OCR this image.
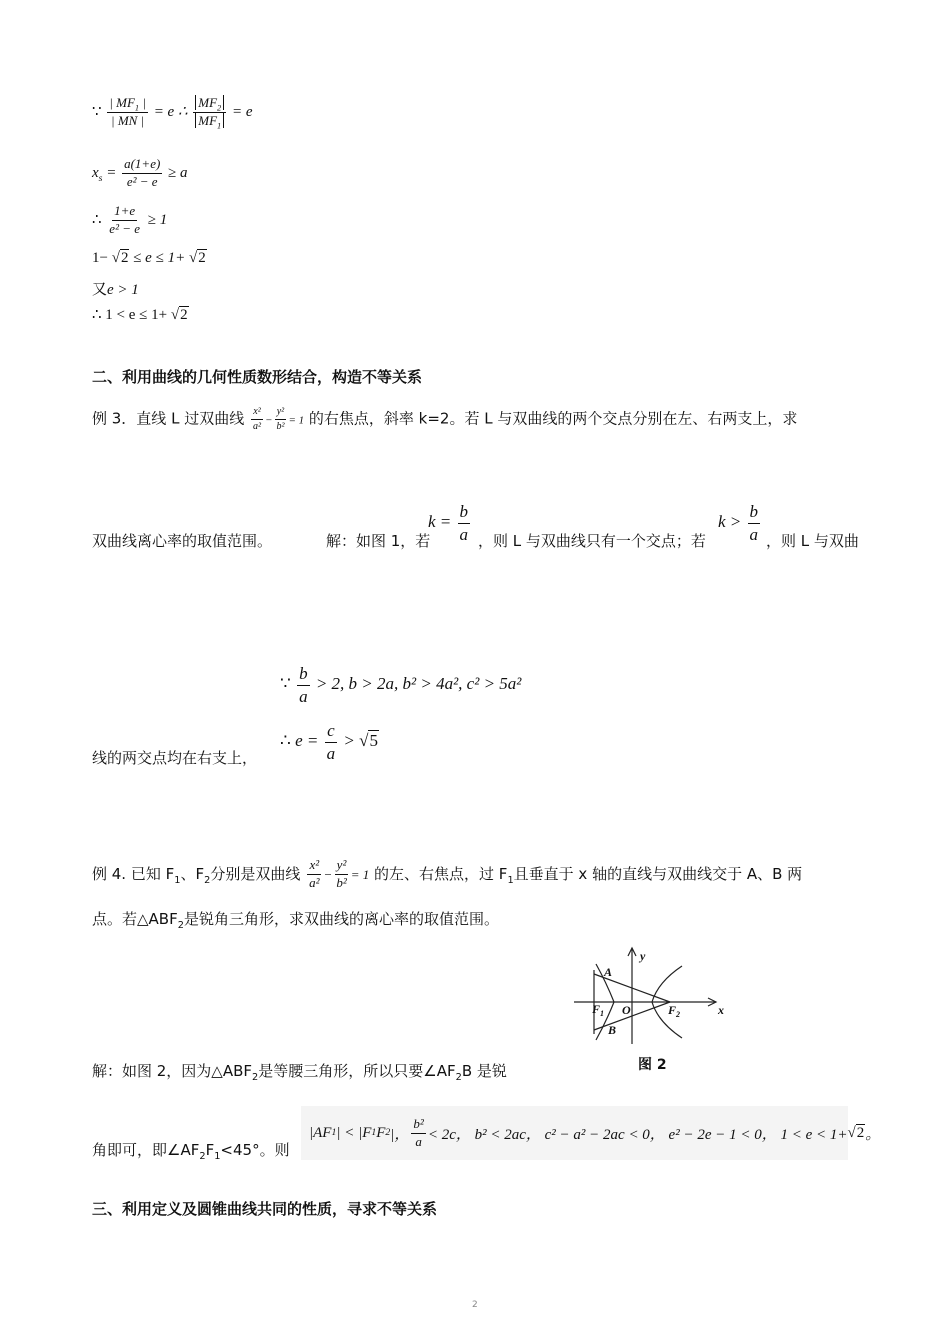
∵ $\frac{| MF_1 |}{| MN |} = e$ ∴ $\frac{MF_2}{MF_1} = e$
$x_s = \frac{a(1+e)}{\text{e² − e}} \ge a$
∴ $\frac{1+e}{\text{e² − e}} \ge 1$
1− √2 ≤ e ≤ 1+ √2
又e > 1
∴ 1 < e ≤ 1+ √2
二、利用曲线的几何性质数形结合，构造不等关系
例 3．直线 L 过双曲线 $\frac{\text{x²}}{\text{a²}} - \frac{\text{y²}}{\text{b²}} = 1$ 的右焦点，斜率 k=2。若 L 与双曲线的两个交点分别在左、右两支上，求
双曲线离心率的取值范围。	解：如图 1，若
$k = \frac{b}{a}$ ，则 L 与双曲线只有一个交点；若
$k > \frac{b}{a}$ ，则 L 与双曲
∵ $\frac{b}{a} > 2$, b > 2a, b² > 4a², c² > 5a²
∴ $e = \frac{c}{a} > √5$
线的两交点均在右支上，
例 4. 已知 $F_1$、$F_2$分别是双曲线 $\frac{\text{x²}}{\text{a²}} - \frac{\text{y²}}{\text{b²}} = 1$ 的左、右焦点，过 $F_1$且垂直于 x 轴的直线与双曲线交于 A、B 两
点。若$\triangle ABF_2$是锐角三角形，求双曲线的离心率的取值范围。
y
x
A
B
O
$F_1$	$F_2$
图 2
解：如图 2，因为$\triangle ABF_2$是等腰三角形，所以只要$\angle AF_2B$ 是锐
角即可，即$\angle AF_2F_1<45^\circ$。则
|AF 1 | < |F 1 F 2 |， $\frac{\text{b²}}{a} < 2c$， b² < 2ac， c² − a² − 2ac < 0， e² − 2e − 1 < 0， 1 < e < 1+ √2 。
三、利用定义及圆锥曲线共同的性质，寻求不等关系
2
